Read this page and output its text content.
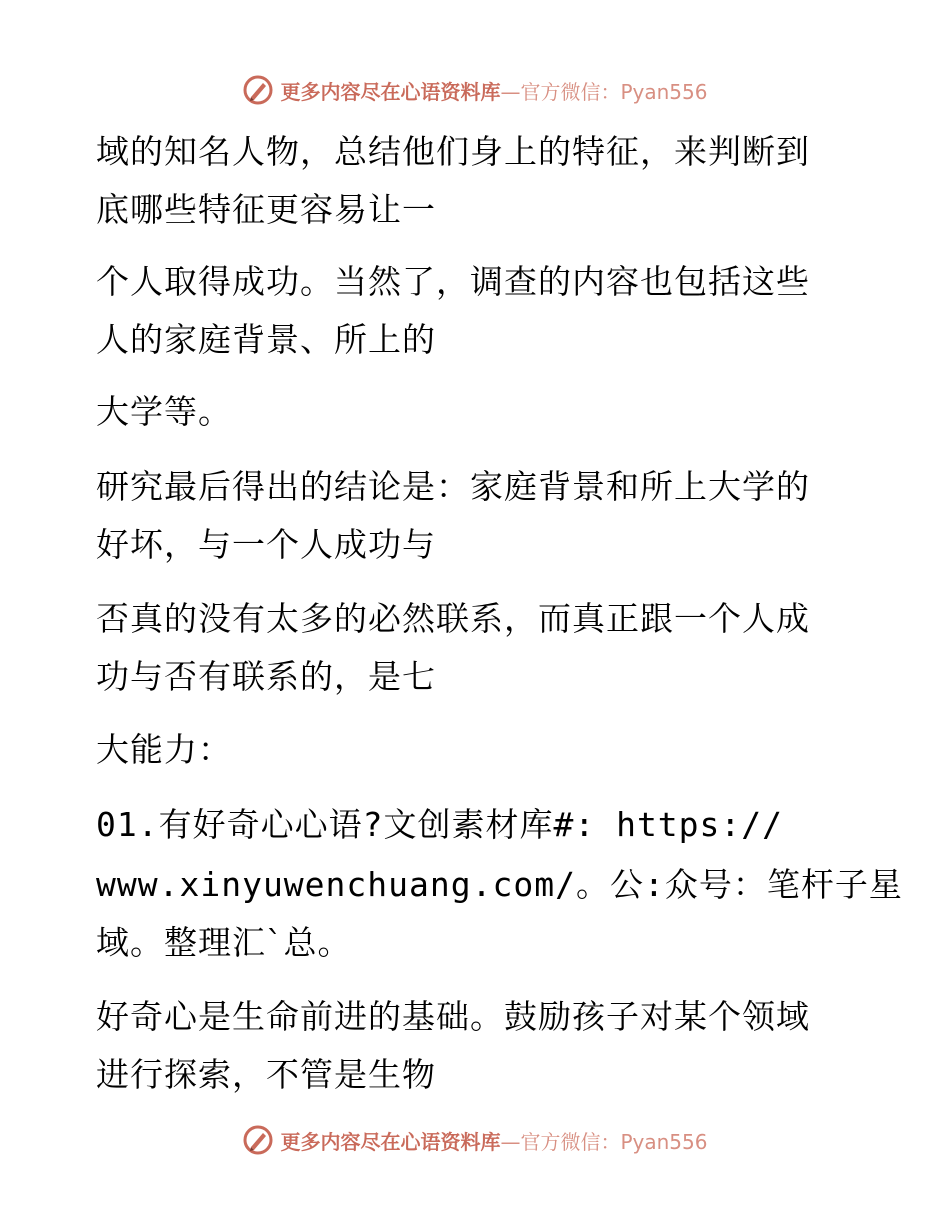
更多内容尽在心语资料库 —官方微信：Pyan556
域的知名人物，总结他们身上的特征，来判断到
底哪些特征更容易让一
个人取得成功。当然了，调查的内容也包括这些
人的家庭背景、所上的
大学等。
研究最后得出的结论是：家庭背景和所上大学的
好坏，与一个人成功与
否真的没有太多的必然联系，而真正跟一个人成
功与否有联系的，是七
大能力：
01.有好奇心心语?文创素材库#: https://
www.xinyuwenchuang.com/。公:众号：笔杆子星
域。整理汇`总。
好奇心是生命前进的基础。鼓励孩子对某个领域
进行探索，不管是生物
更多内容尽在心语资料库 —官方微信：Pyan556
